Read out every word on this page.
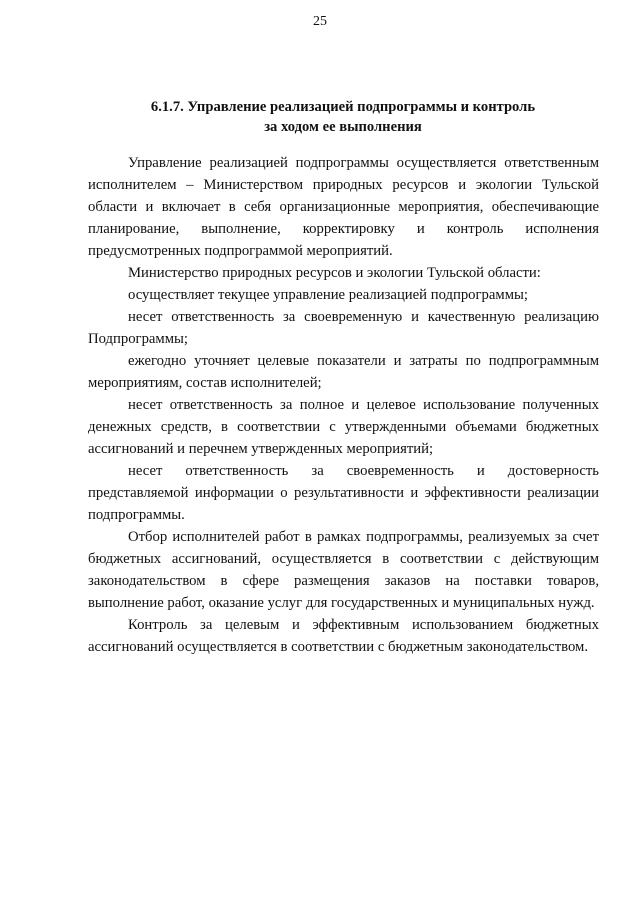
25
6.1.7. Управление реализацией подпрограммы и контроль
за ходом ее выполнения

Управление реализацией подпрограммы осуществляется ответственным исполнителем – Министерством природных ресурсов и экологии Тульской области и включает в себя организационные мероприятия, обеспечивающие планирование, выполнение, корректировку и контроль исполнения предусмотренных подпрограммой мероприятий.

Министерство природных ресурсов и экологии Тульской области:

осуществляет текущее управление реализацией подпрограммы;

несет ответственность за своевременную и качественную реализацию Подпрограммы;

ежегодно уточняет целевые показатели и затраты по подпрограммным мероприятиям, состав исполнителей;

несет ответственность за полное и целевое использование полученных денежных средств, в соответствии с утвержденными объемами бюджетных ассигнований и перечнем утвержденных мероприятий;

несет ответственность за своевременность и достоверность представляемой информации о результативности и эффективности реализации подпрограммы.

Отбор исполнителей работ в рамках подпрограммы, реализуемых за счет бюджетных ассигнований, осуществляется в соответствии с действующим законодательством в сфере размещения заказов на поставки товаров, выполнение работ, оказание услуг для государственных и муниципальных нужд.

Контроль за целевым и эффективным использованием бюджетных ассигнований осуществляется в соответствии с бюджетным законодательством.
